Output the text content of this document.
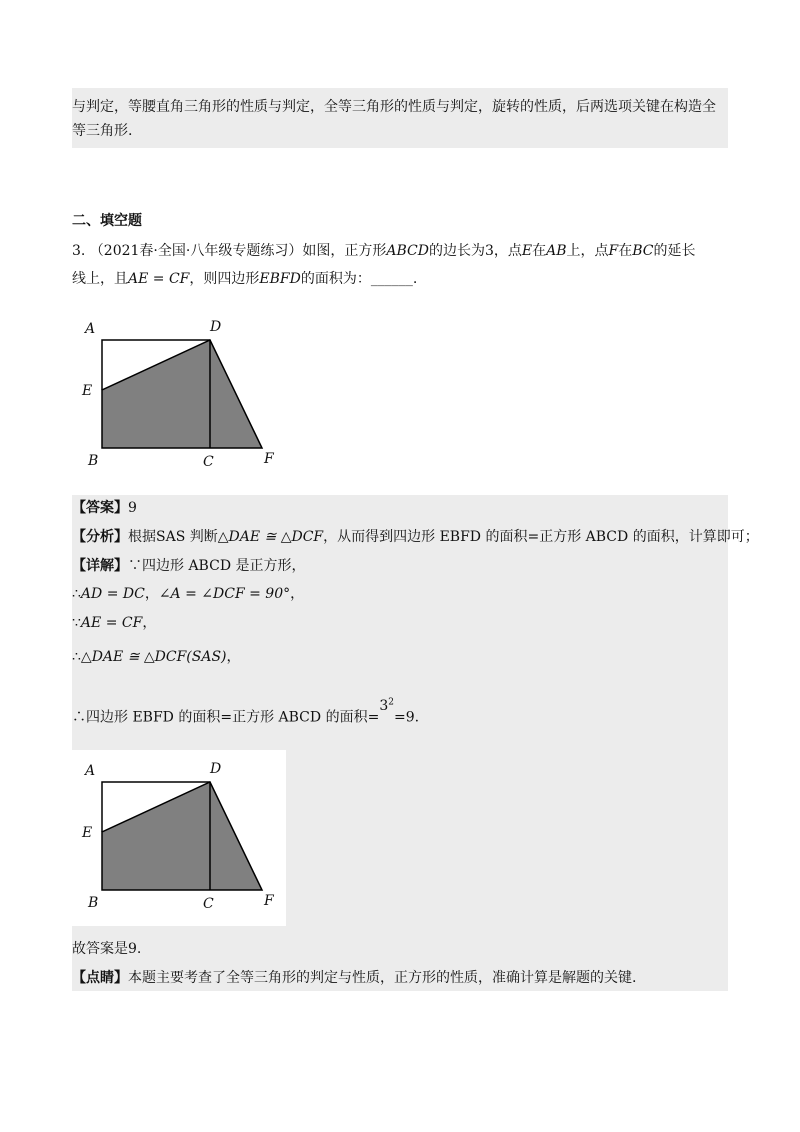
与判定，等腰直角三角形的性质与判定，全等三角形的性质与判定，旋转的性质，后两选项关键在构造全
等三角形.
二、填空题
3. （2021春·全国·八年级专题练习）如图，正方形ABCD的边长为3，点E在AB上，点F在BC的延长
线上，且AE = CF，则四边形EBFD的面积为：______.
A	D
E
B	C	F
【答案】9
【分析】根据SAS 判断△DAE ≅ △DCF，从而得到四边形 EBFD 的面积=正方形 ABCD 的面积，计算即可；
【详解】∵四边形 ABCD 是正方形，
∴AD = DC，∠A = ∠DCF = 90°，
∵AE = CF，
∴△DAE ≅ △DCF(SAS)，
∴四边形 EBFD 的面积=正方形 ABCD 的面积$=3^2=9$.
故答案是9.
【点睛】本题主要考查了全等三角形的判定与性质，正方形的性质，准确计算是解题的关键.
A	D
E
B	C	F
